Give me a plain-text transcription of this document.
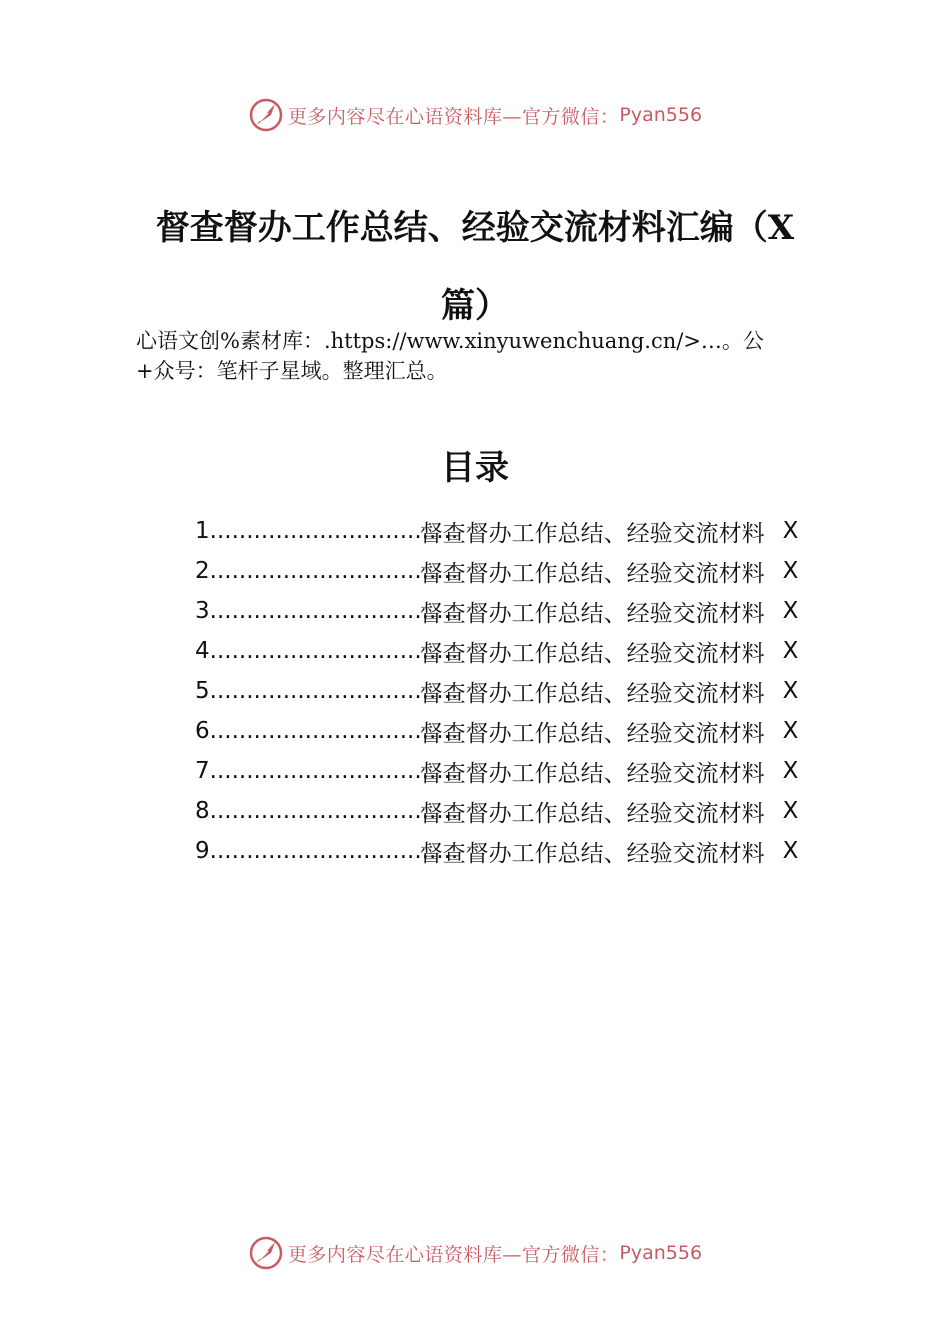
更多内容尽在心语资料库—官方微信： Pyan556
督查督办工作总结、经验交流材料汇编（X
篇）
心语文创%素材库：.https://www.xinyuwenchuang.cn/>…。公
+众号：笔杆子星域。整理汇总。
目录
1 ..................................
督查督办工作总结、经验交流材料 X
2 ..................................
督查督办工作总结、经验交流材料 X
3 ..................................
督查督办工作总结、经验交流材料 X
4 ..................................
督查督办工作总结、经验交流材料 X
5 ..................................
督查督办工作总结、经验交流材料 X
6 ..................................
督查督办工作总结、经验交流材料 X
7 ..................................
督查督办工作总结、经验交流材料 X
8 ..................................
督查督办工作总结、经验交流材料 X
9 ..................................
督查督办工作总结、经验交流材料 X
更多内容尽在心语资料库—官方微信： Pyan556
